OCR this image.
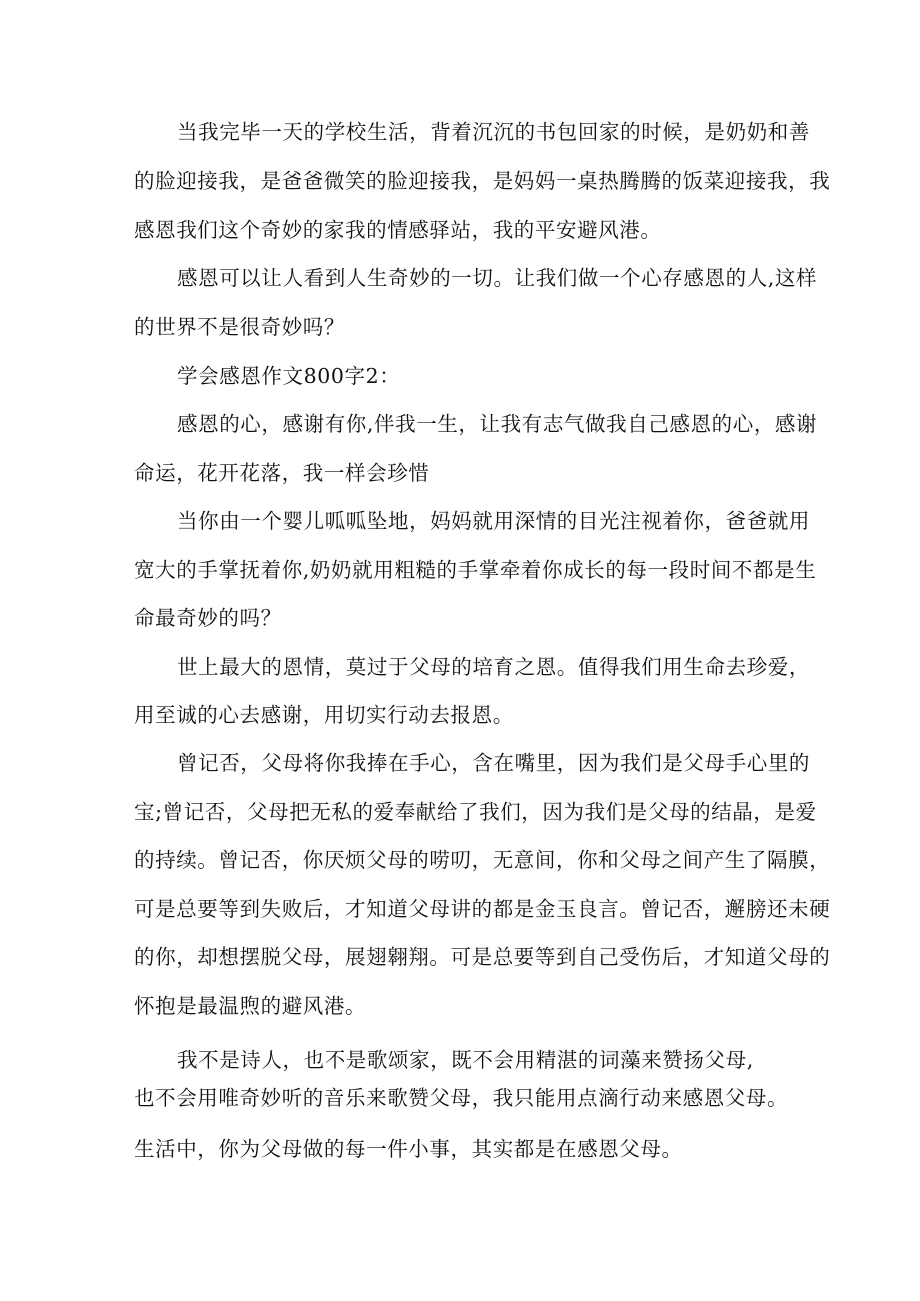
当我完毕一天的学校生活，背着沉沉的书包回家的时候，是奶奶和善
的脸迎接我，是爸爸微笑的脸迎接我，是妈妈一桌热腾腾的饭菜迎接我，我
感恩我们这个奇妙的家我的情感驿站，我的平安避风港。
感恩可以让人看到人生奇妙的一切。让我们做一个心存感恩的人,这样
的世界不是很奇妙吗？
学会感恩作文800字2：
感恩的心，感谢有你,伴我一生，让我有志气做我自己感恩的心，感谢
命运，花开花落，我一样会珍惜
当你由一个婴儿呱呱坠地，妈妈就用深情的目光注视着你，爸爸就用
宽大的手掌抚着你,奶奶就用粗糙的手掌牵着你成长的每一段时间不都是生
命最奇妙的吗？
世上最大的恩情，莫过于父母的培育之恩。值得我们用生命去珍爱，
用至诚的心去感谢，用切实行动去报恩。
曾记否，父母将你我捧在手心，含在嘴里，因为我们是父母手心里的
宝;曾记否，父母把无私的爱奉献给了我们，因为我们是父母的结晶，是爱
的持续。曾记否，你厌烦父母的唠叨，无意间，你和父母之间产生了隔膜，
可是总要等到失败后，才知道父母讲的都是金玉良言。曾记否，邂膀还未硬
的你，却想摆脱父母，展翅翱翔。可是总要等到自己受伤后，才知道父母的
怀抱是最温煦的避风港。
我不是诗人，也不是歌颂家，既不会用精湛的词藻来赞扬父母,
也不会用唯奇妙听的音乐来歌赞父母，我只能用点滴行动来感恩父母。
生活中，你为父母做的每一件小事，其实都是在感恩父母。
